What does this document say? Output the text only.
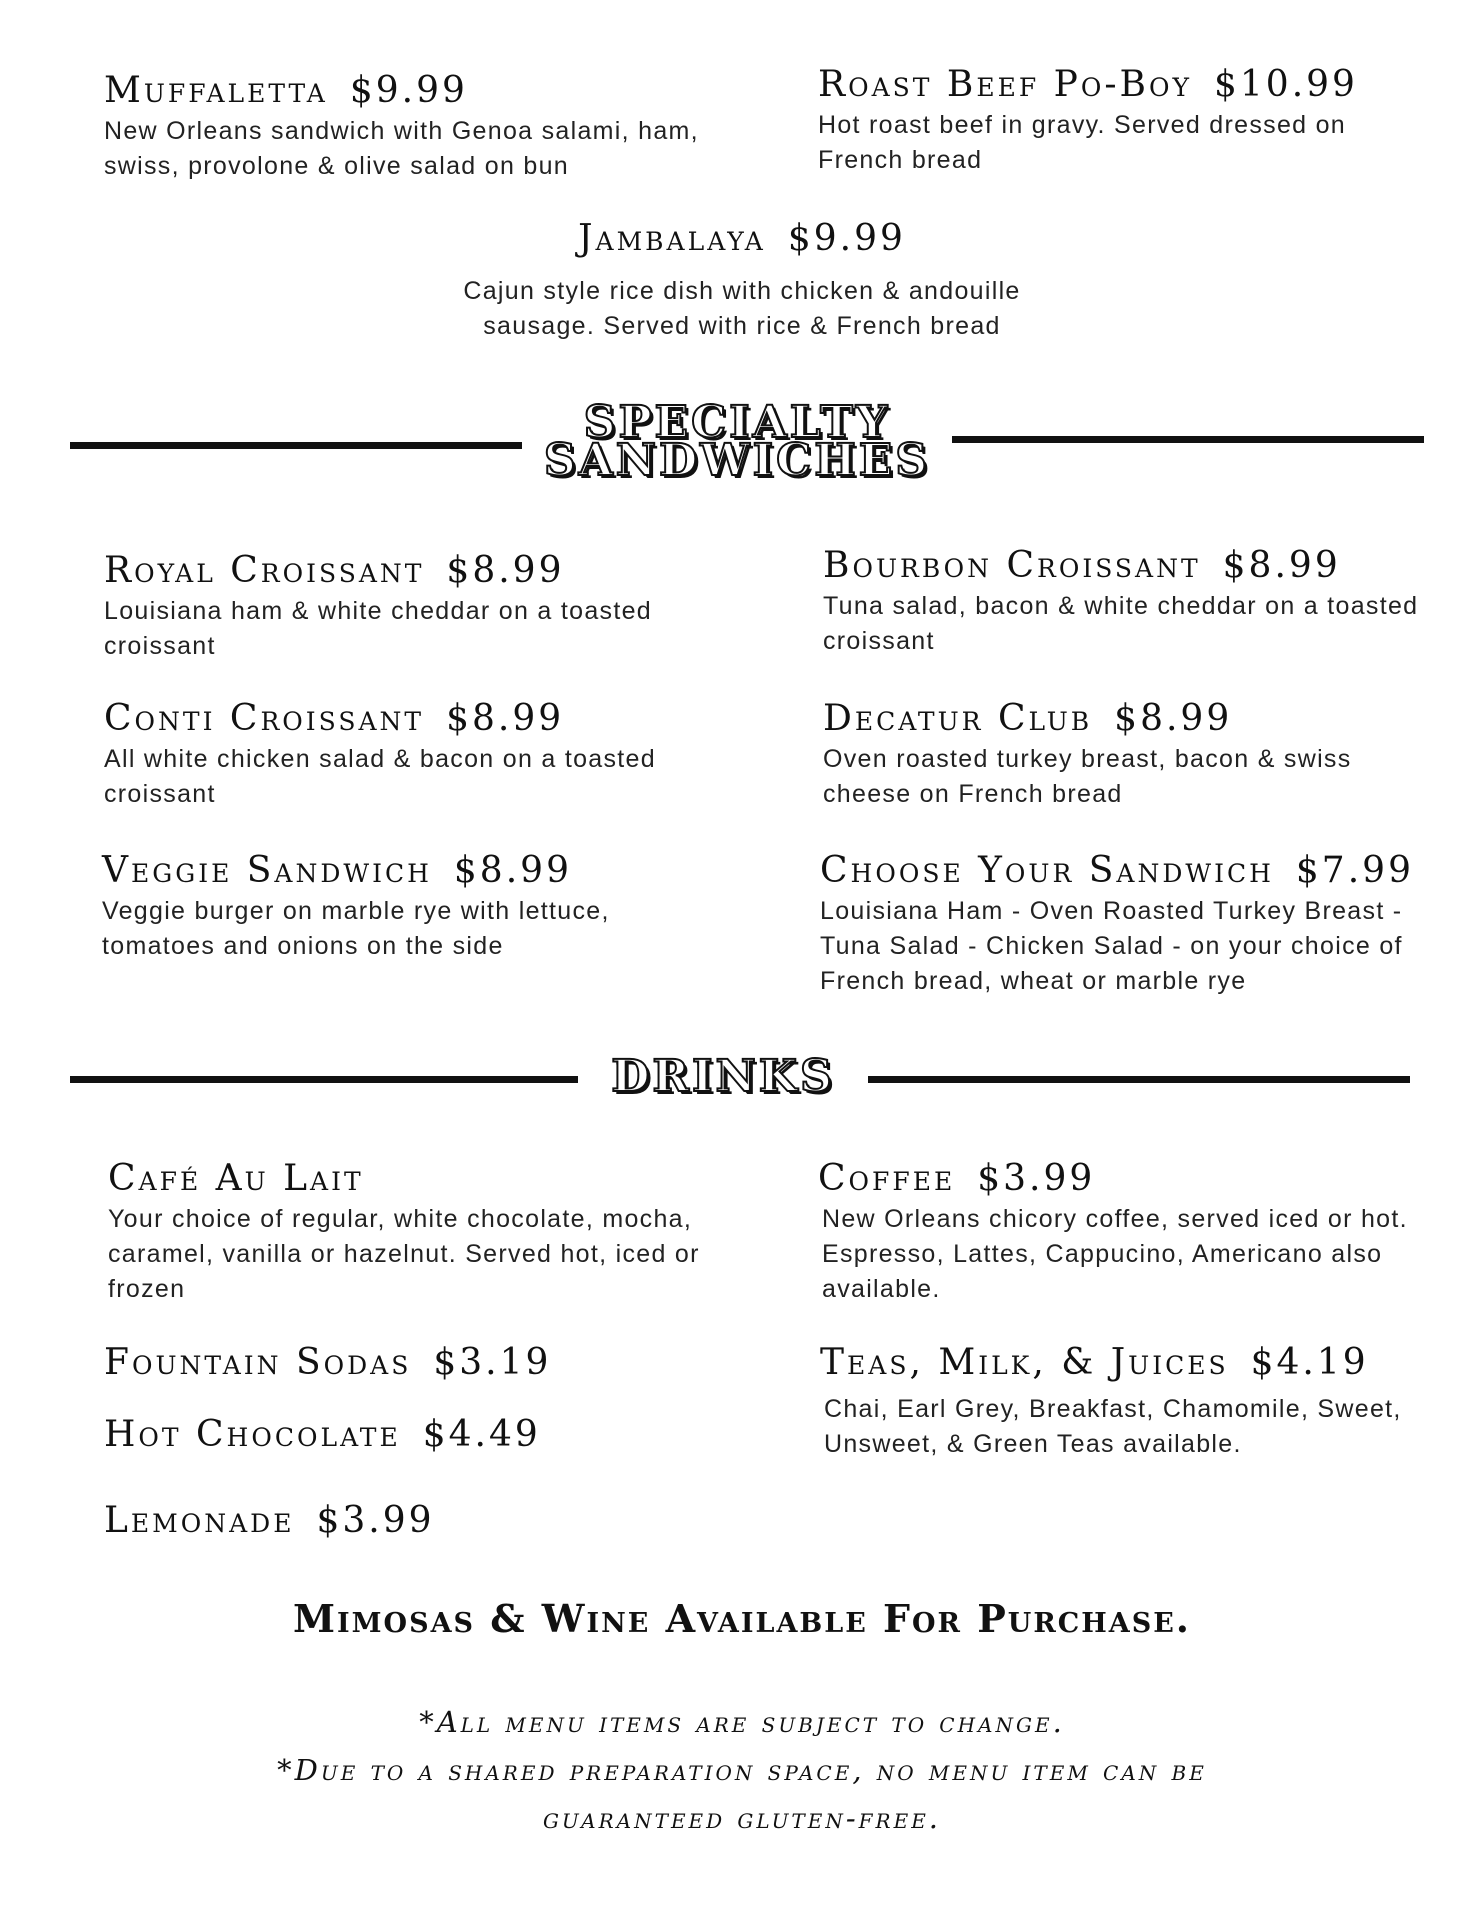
Muffaletta $9.99
New Orleans sandwich with Genoa salami, ham, swiss, provolone & olive salad on bun
Roast Beef Po-Boy $10.99
Hot roast beef in gravy. Served dressed on French bread
Jambalaya $9.99
Cajun style rice dish with chicken & andouille
sausage. Served with rice & French bread
SPECIALTY
SANDWICHES
Royal Croissant $8.99
Louisiana ham & white cheddar on a toasted croissant
Bourbon Croissant $8.99
Tuna salad, bacon & white cheddar on a toasted croissant
Conti Croissant $8.99
All white chicken salad & bacon on a toasted croissant
Decatur Club $8.99
Oven roasted turkey breast, bacon & swiss cheese on French bread
Veggie Sandwich $8.99
Veggie burger on marble rye with lettuce, tomatoes and onions on the side
Choose Your Sandwich $7.99
Louisiana Ham - Oven Roasted Turkey Breast - Tuna Salad - Chicken Salad - on your choice of French bread, wheat or marble rye
DRINKS
Café Au Lait
Your choice of regular, white chocolate, mocha, caramel, vanilla or hazelnut. Served hot, iced or frozen
Coffee $3.99
New Orleans chicory coffee, served iced or hot. Espresso, Lattes, Cappucino, Americano also available.
Fountain Sodas $3.19	Teas, Milk, & Juices $4.19
Chai, Earl Grey, Breakfast, Chamomile, Sweet, Unsweet, & Green Teas available.
Hot Chocolate $4.49
Lemonade $3.99
Mimosas & Wine Available For Purchase.
*All menu items are subject to change.
*Due to a shared preparation space, no menu item can be
guaranteed gluten-free.
